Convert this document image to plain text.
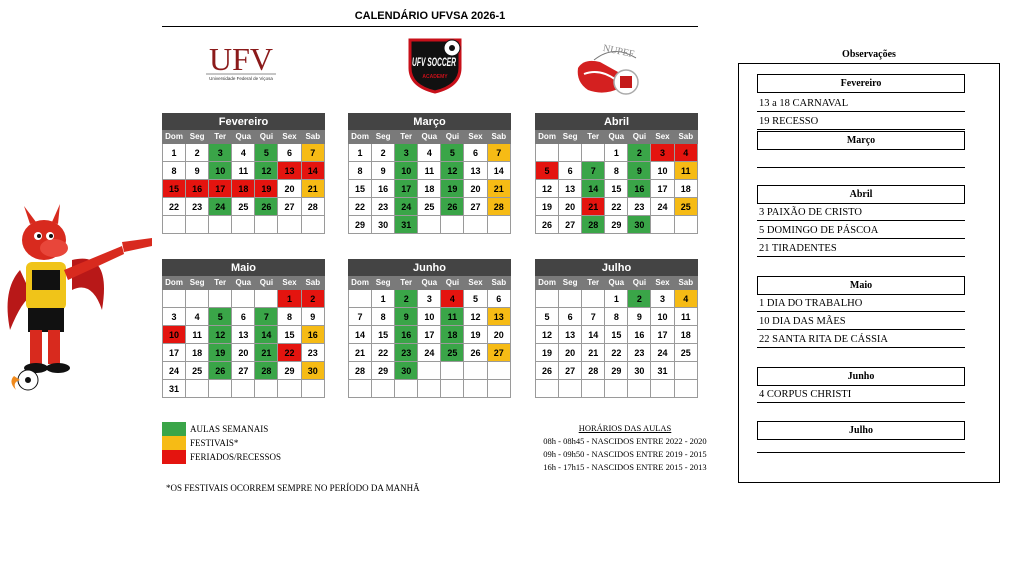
CALENDÁRIO UFVSA 2026-1
UFV
Universidade Federal de Viçosa
UFV SOCCER
ACADEMY
NUPEF
Fevereiro						
Dom	Seg	Ter	Qua	Qui	Sex	Sab
1	2	3	4	5	6	7
8	9	10	11	12	13	14
15	16	17	18	19	20	21
22	23	24	25	26	27	28

Março						
Dom	Seg	Ter	Qua	Qui	Sex	Sab
1	2	3	4	5	6	7
8	9	10	11	12	13	14
15	16	17	18	19	20	21
22	23	24	25	26	27	28
29	30	31				
Abril						
Dom	Seg	Ter	Qua	Qui	Sex	Sab
			1	2	3	4
5	6	7	8	9	10	11
12	13	14	15	16	17	18
19	20	21	22	23	24	25
26	27	28	29	30		
Maio						
Dom	Seg	Ter	Qua	Qui	Sex	Sab
					1	2
3	4	5	6	7	8	9
10	11	12	13	14	15	16
17	18	19	20	21	22	23
24	25	26	27	28	29	30
31						
Junho						
Dom	Seg	Ter	Qua	Qui	Sex	Sab
	1	2	3	4	5	6
7	8	9	10	11	12	13
14	15	16	17	18	19	20
21	22	23	24	25	26	27
28	29	30				

Julho						
Dom	Seg	Ter	Qua	Qui	Sex	Sab
			1	2	3	4
5	6	7	8	9	10	11
12	13	14	15	16	17	18
19	20	21	22	23	24	25
26	27	28	29	30	31	

AULAS SEMANAIS
FESTIVAIS*
FERIADOS/RECESSOS
*OS FESTIVAIS OCORREM SEMPRE NO PERÍODO DA MANHÃ
HORÁRIOS DAS AULAS
08h - 08h45 - NASCIDOS ENTRE 2022 - 2020
09h - 09h50 - NASCIDOS ENTRE 2019 - 2015
16h - 17h15 - NASCIDOS ENTRE 2015 - 2013
Observações
Fevereiro
13 a 18 CARNAVAL
19 RECESSO
Março
Abril
3 PAIXÃO DE CRISTO
5 DOMINGO DE PÁSCOA
21 TIRADENTES
Maio
1 DIA DO TRABALHO
10 DIA DAS MÃES
22 SANTA RITA DE CÁSSIA
Junho
4 CORPUS CHRISTI
Julho
